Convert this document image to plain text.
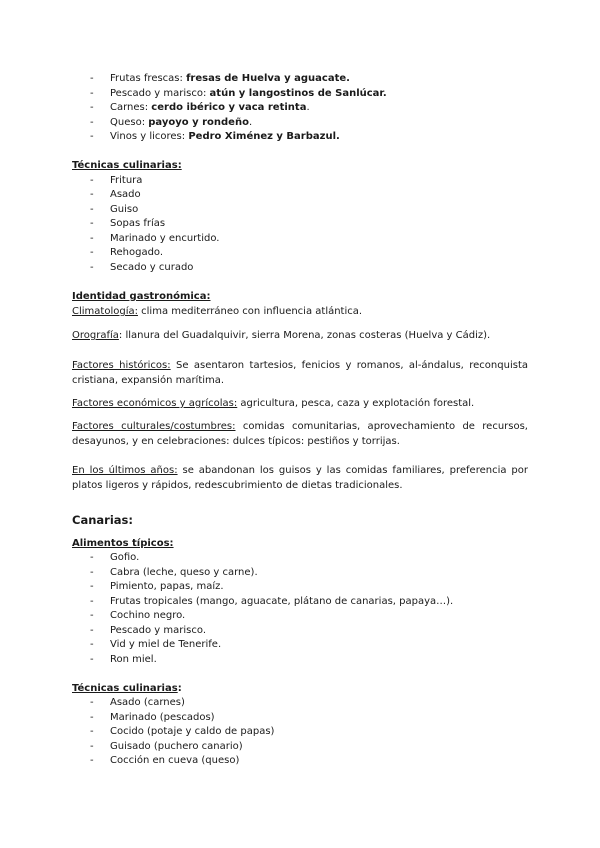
- Frutas frescas: fresas de Huelva y aguacate.
- Pescado y marisco: atún y langostinos de Sanlúcar.
- Carnes: cerdo ibérico y vaca retinta.
- Queso: payoyo y rondeño.
- Vinos y licores: Pedro Ximénez y Barbazul.
Técnicas culinarias:
- Fritura
- Asado
- Guiso
- Sopas frías
- Marinado y encurtido.
- Rehogado.
- Secado y curado
Identidad gastronómica:
Climatología: clima mediterráneo con influencia atlántica.
Orografía: llanura del Guadalquivir, sierra Morena, zonas costeras (Huelva y Cádiz).
Factores históricos: Se asentaron tartesios, fenicios y romanos, al-ándalus, reconquista cristiana, expansión marítima.
Factores económicos y agrícolas: agricultura, pesca, caza y explotación forestal.
Factores culturales/costumbres: comidas comunitarias, aprovechamiento de recursos, desayunos, y en celebraciones: dulces típicos: pestiños y torrijas.
En los últimos años: se abandonan los guisos y las comidas familiares, preferencia por platos ligeros y rápidos, redescubrimiento de dietas tradicionales.
Canarias:
Alimentos típicos:
- Gofio.
- Cabra (leche, queso y carne).
- Pimiento, papas, maíz.
- Frutas tropicales (mango, aguacate, plátano de canarias, papaya…).
- Cochino negro.
- Pescado y marisco.
- Vid y miel de Tenerife.
- Ron miel.
Técnicas culinarias:
- Asado (carnes)
- Marinado (pescados)
- Cocido (potaje y caldo de papas)
- Guisado (puchero canario)
- Cocción en cueva (queso)
